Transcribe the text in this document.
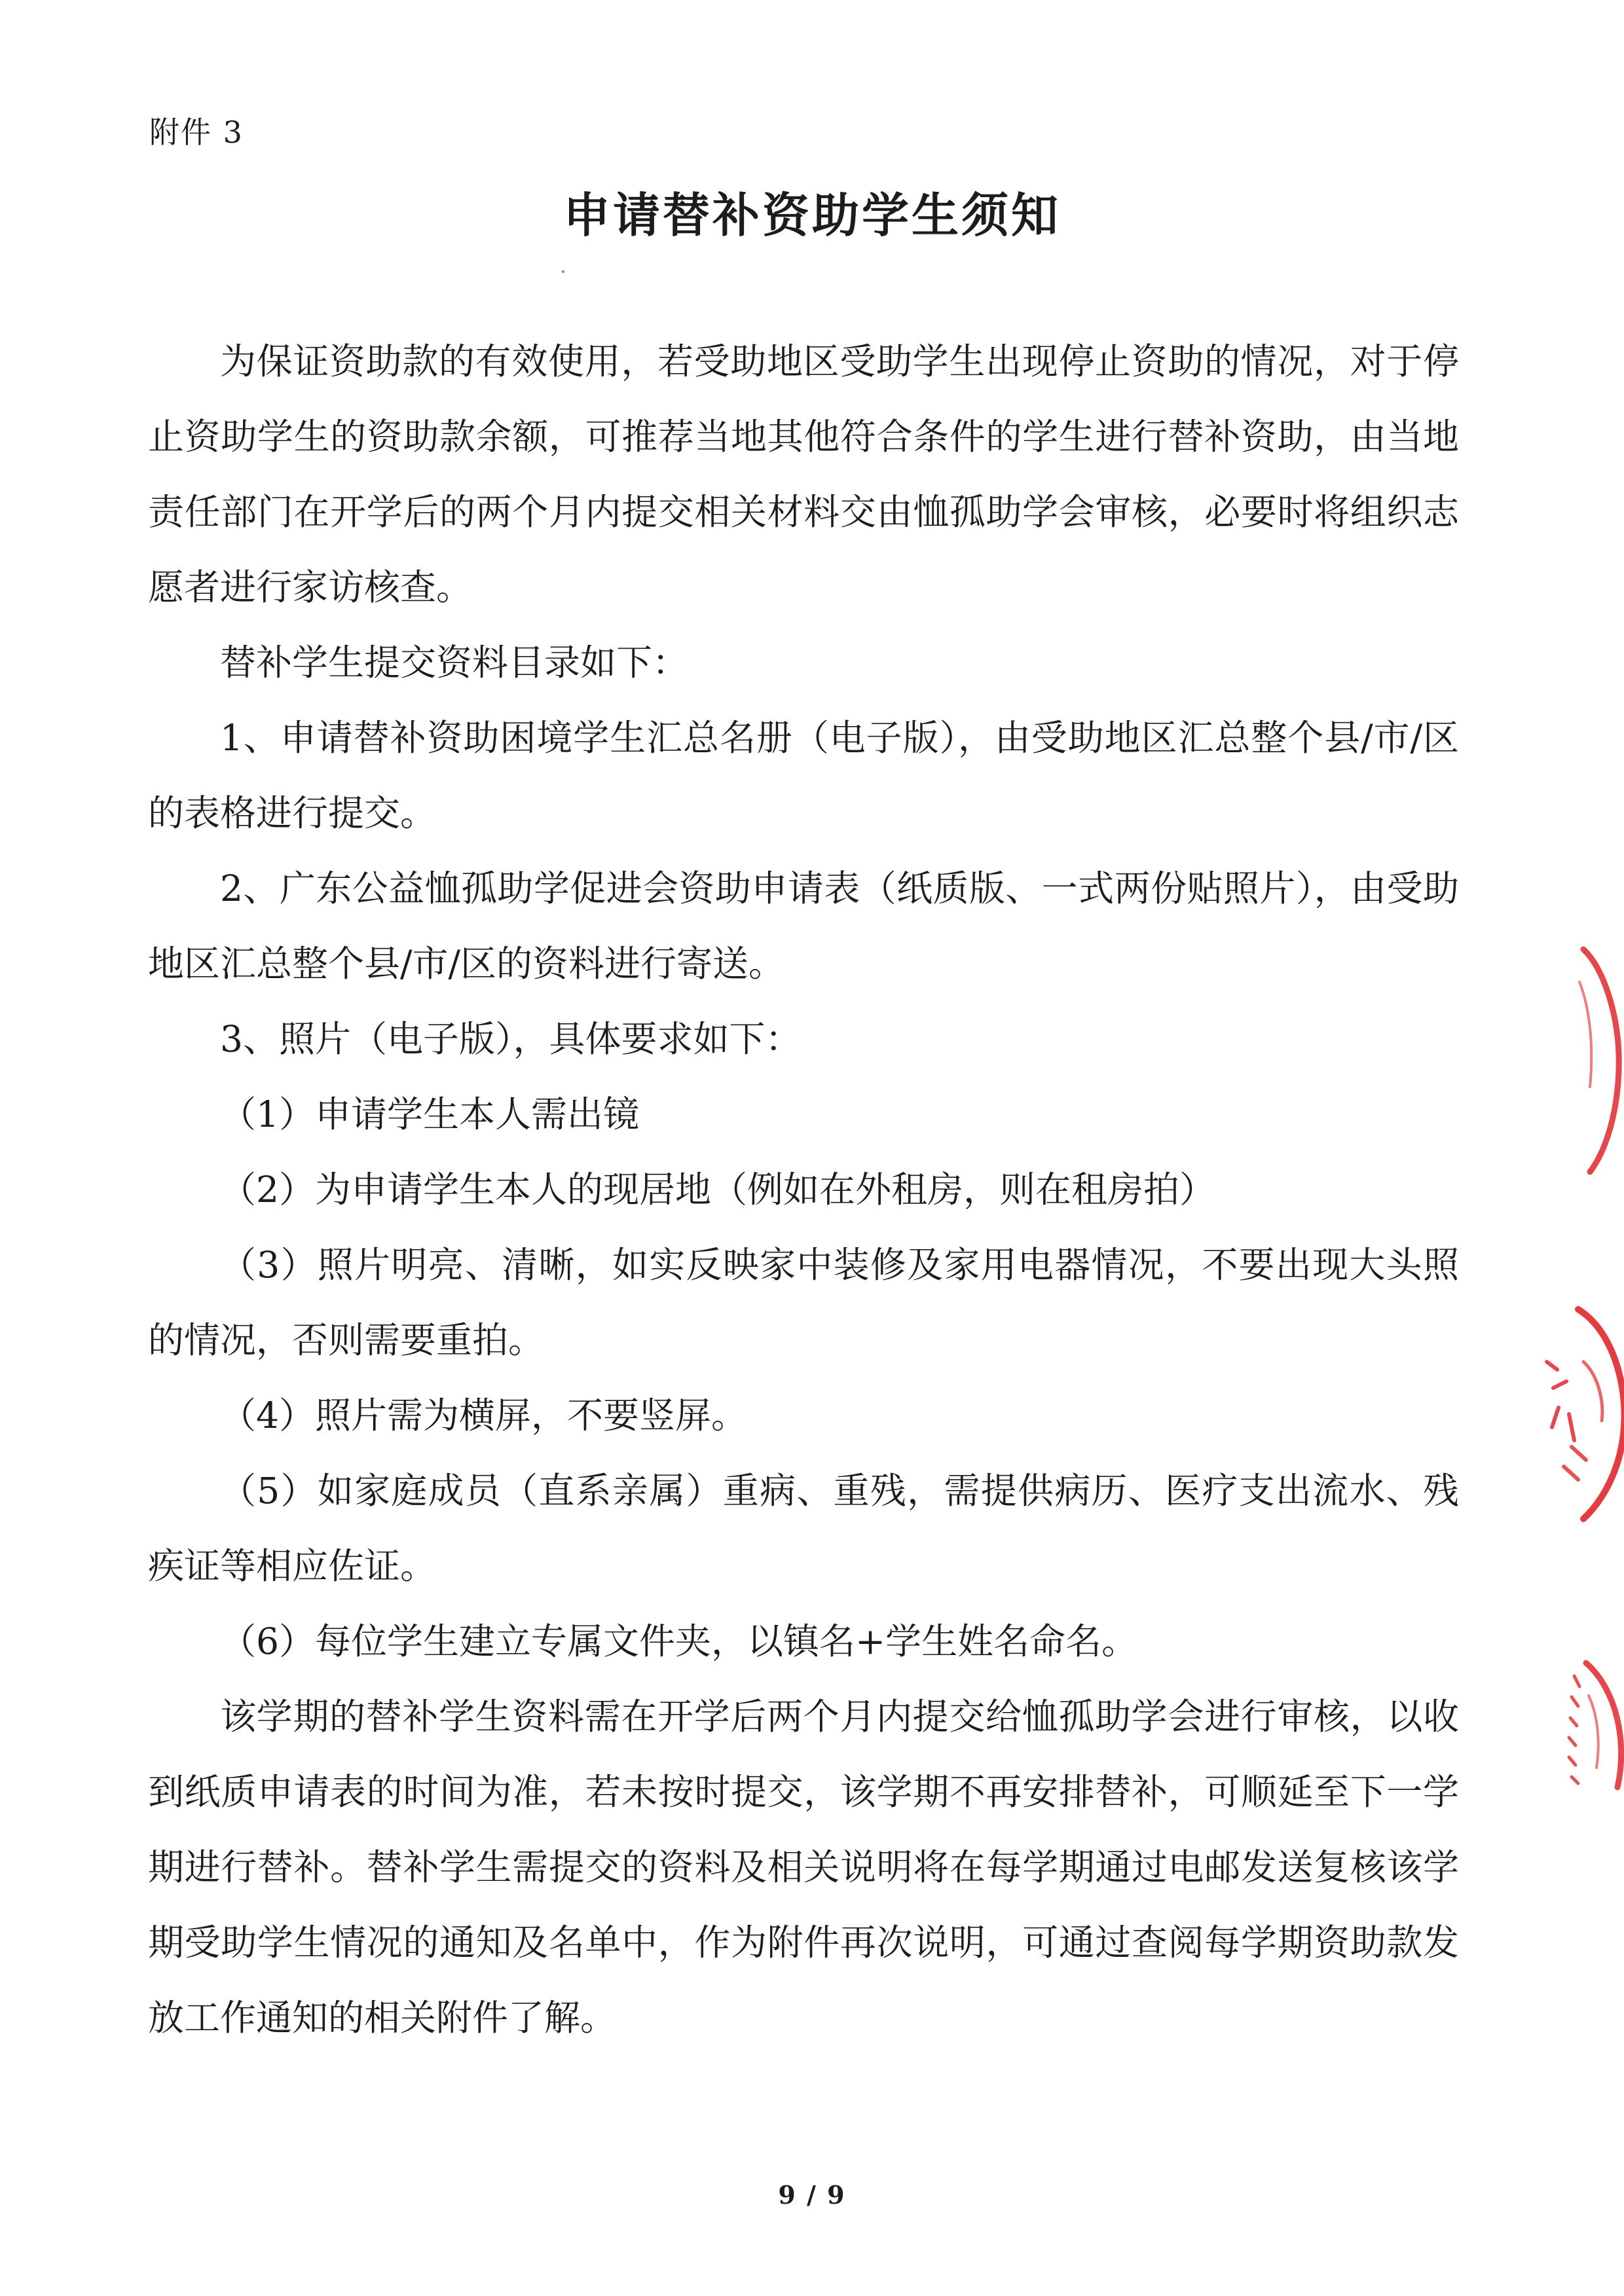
附件 3
申请替补资助学生须知

为保证资助款的有效使用，若受助地区受助学生出现停止资助的情况，对于停止资助学生的资助款余额，可推荐当地其他符合条件的学生进行替补资助，由当地责任部门在开学后的两个月内提交相关材料交由恤孤助学会审核，必要时将组织志愿者进行家访核查。

替补学生提交资料目录如下：

1、申请替补资助困境学生汇总名册（电子版），由受助地区汇总整个县/市/区的表格进行提交。

2、广东公益恤孤助学促进会资助申请表（纸质版、一式两份贴照片），由受助地区汇总整个县/市/区的资料进行寄送。

3、照片（电子版），具体要求如下：

（1）申请学生本人需出镜

（2）为申请学生本人的现居地（例如在外租房，则在租房拍）

（3）照片明亮、清晰，如实反映家中装修及家用电器情况，不要出现大头照的情况，否则需要重拍。

（4）照片需为横屏，不要竖屏。

（5）如家庭成员（直系亲属）重病、重残，需提供病历、医疗支出流水、残疾证等相应佐证。

（6）每位学生建立专属文件夹，以镇名+学生姓名命名。

该学期的替补学生资料需在开学后两个月内提交给恤孤助学会进行审核，以收到纸质申请表的时间为准，若未按时提交，该学期不再安排替补，可顺延至下一学期进行替补。替补学生需提交的资料及相关说明将在每学期通过电邮发送复核该学期受助学生情况的通知及名单中，作为附件再次说明，可通过查阅每学期资助款发放工作通知的相关附件了解。

9 / 9
